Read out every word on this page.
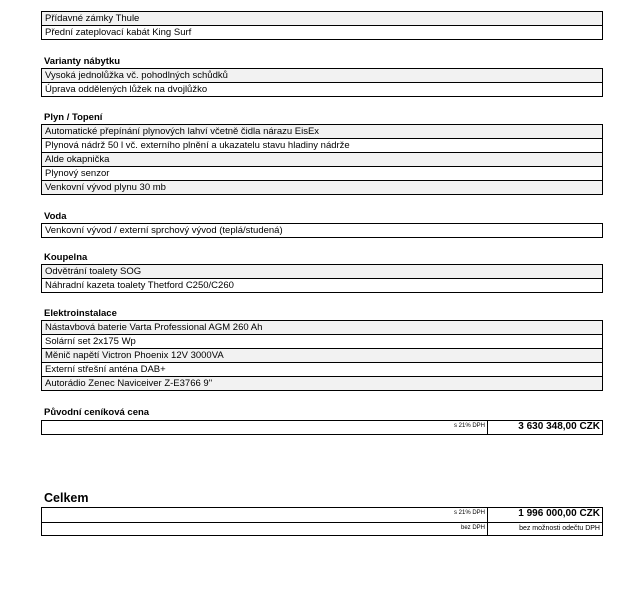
Přídavné zámky Thule
Přední zateplovací kabát King Surf
Varianty nábytku
Vysoká jednolůžka vč. pohodlných schůdků
Úprava oddělených lůžek na dvojlůžko
Plyn / Topení
Automatické přepínání plynových lahví včetně čidla nárazu EisEx
Plynová nádrž 50 l vč. externího plnění a ukazatelu stavu hladiny nádrže
Alde okapnička
Plynový senzor
Venkovní vývod plynu 30 mb
Voda
Venkovní vývod / externí sprchový vývod (teplá/studená)
Koupelna
Odvětrání toalety SOG
Náhradní kazeta toalety Thetford C250/C260
Elektroinstalace
Nástavbová baterie Varta Professional AGM 260 Ah
Solární set 2x175 Wp
Měnič napětí Victron Phoenix 12V 3000VA
Externí střešní anténa DAB+
Autorádio Zenec Naviceiver Z-E3766 9"
Původní ceníková cena
s 21% DPH	3 630 348,00 CZK
Celkem
s 21% DPH	1 996 000,00 CZK
bez DPH	bez možnosti odečtu DPH
